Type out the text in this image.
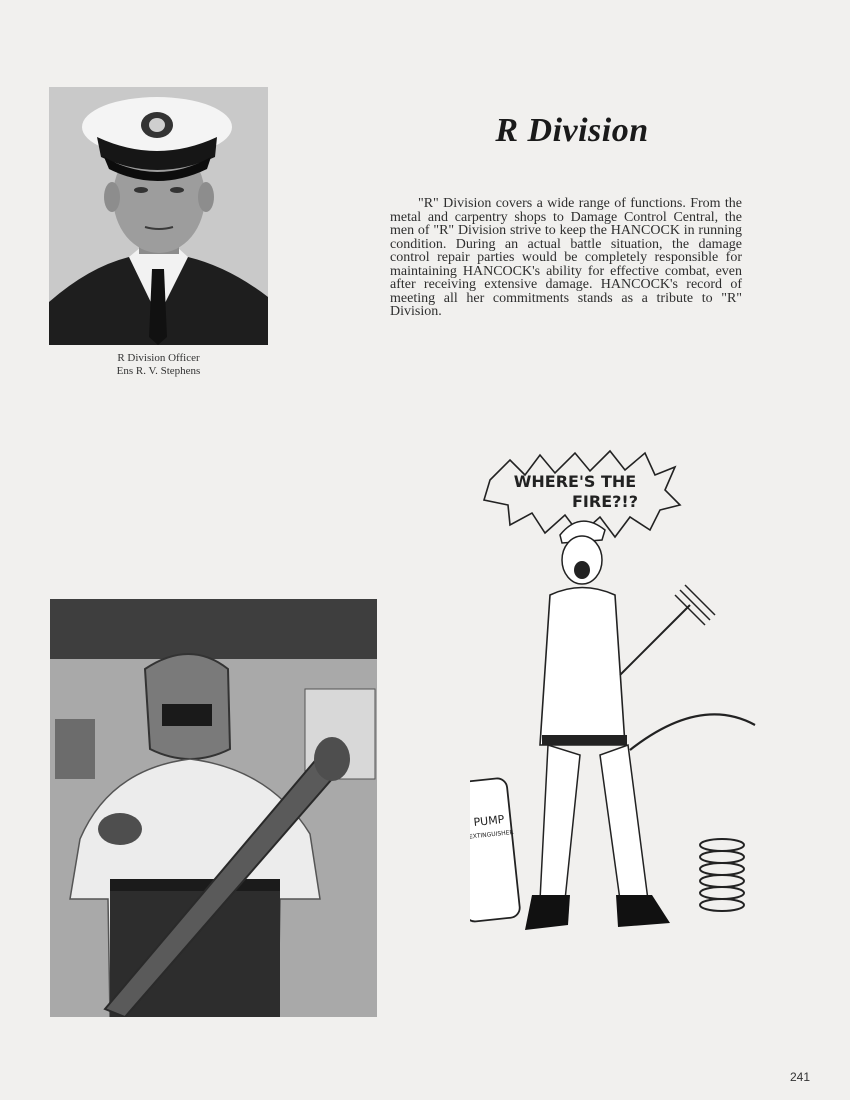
R Division Officer
Ens R. V. Stephens
R Division
"R" Division covers a wide range of functions. From the metal and carpentry shops to Damage Control Central, the men of "R" Division strive to keep the HANCOCK in running condition. During an actual battle situation, the damage control repair parties would be completely responsible for maintaining HANCOCK's ability for effective combat, even after receiving extensive damage. HANCOCK's record of meeting all her commitments stands as a tribute to "R" Division.
WHERE'S THE
FIRE?!?
PUMP
EXTINGUISHER
241
